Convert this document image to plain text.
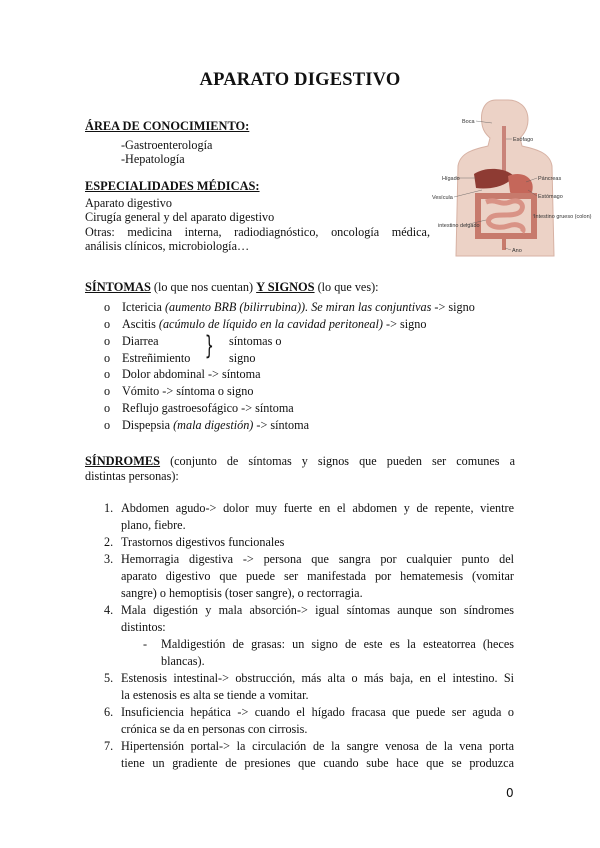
APARATO DIGESTIVO
ÁREA DE CONOCIMIENTO:
-Gastroenterología
-Hepatología
ESPECIALIDADES MÉDICAS:
Aparato digestivo
Cirugía general y del aparato digestivo
Otras: medicina interna, radiodiagnóstico, oncología médica,
análisis clínicos, microbiología…
Boca
Esófago
Hígado	Páncreas
Vesícula	Estómago
intestino delgado
Intestino grueso (colon)
Ano
SÍNTOMAS (lo que nos cuentan) Y SIGNOS (lo que ves):
o Ictericia (aumento BRB (bilirrubina)). Se miran las conjuntivas -> signo
o Ascitis (acúmulo de líquido en la cavidad peritoneal) -> signo
o Diarrea
o Estreñimiento } síntomas o
signo
o Dolor abdominal -> síntoma
o Vómito -> síntoma o signo
o Reflujo gastroesofágico -> síntoma
o Dispepsia (mala digestión) -> síntoma
SÍNDROMES (conjunto de síntomas y signos que pueden ser comunes a
distintas personas):
1. Abdomen agudo-> dolor muy fuerte en el abdomen y de repente, vientre
plano, fiebre.
2. Trastornos digestivos funcionales
3. Hemorragia digestiva -> persona que sangra por cualquier punto del
aparato digestivo que puede ser manifestada por hematemesis (vomitar
sangre) o hemoptisis (toser sangre), o rectorragia.
4. Mala digestión y mala absorción-> igual síntomas aunque son síndromes
distintos:
- Maldigestión de grasas: un signo de este es la esteatorrea (heces
blancas).
5. Estenosis intestinal-> obstrucción, más alta o más baja, en el intestino. Si
la estenosis es alta se tiende a vomitar.
6. Insuficiencia hepática -> cuando el hígado fracasa que puede ser aguda o
crónica se da en personas con cirrosis.
7. Hipertensión portal-> la circulación de la sangre venosa de la vena porta
tiene un gradiente de presiones que cuando sube hace que se produzca
0
